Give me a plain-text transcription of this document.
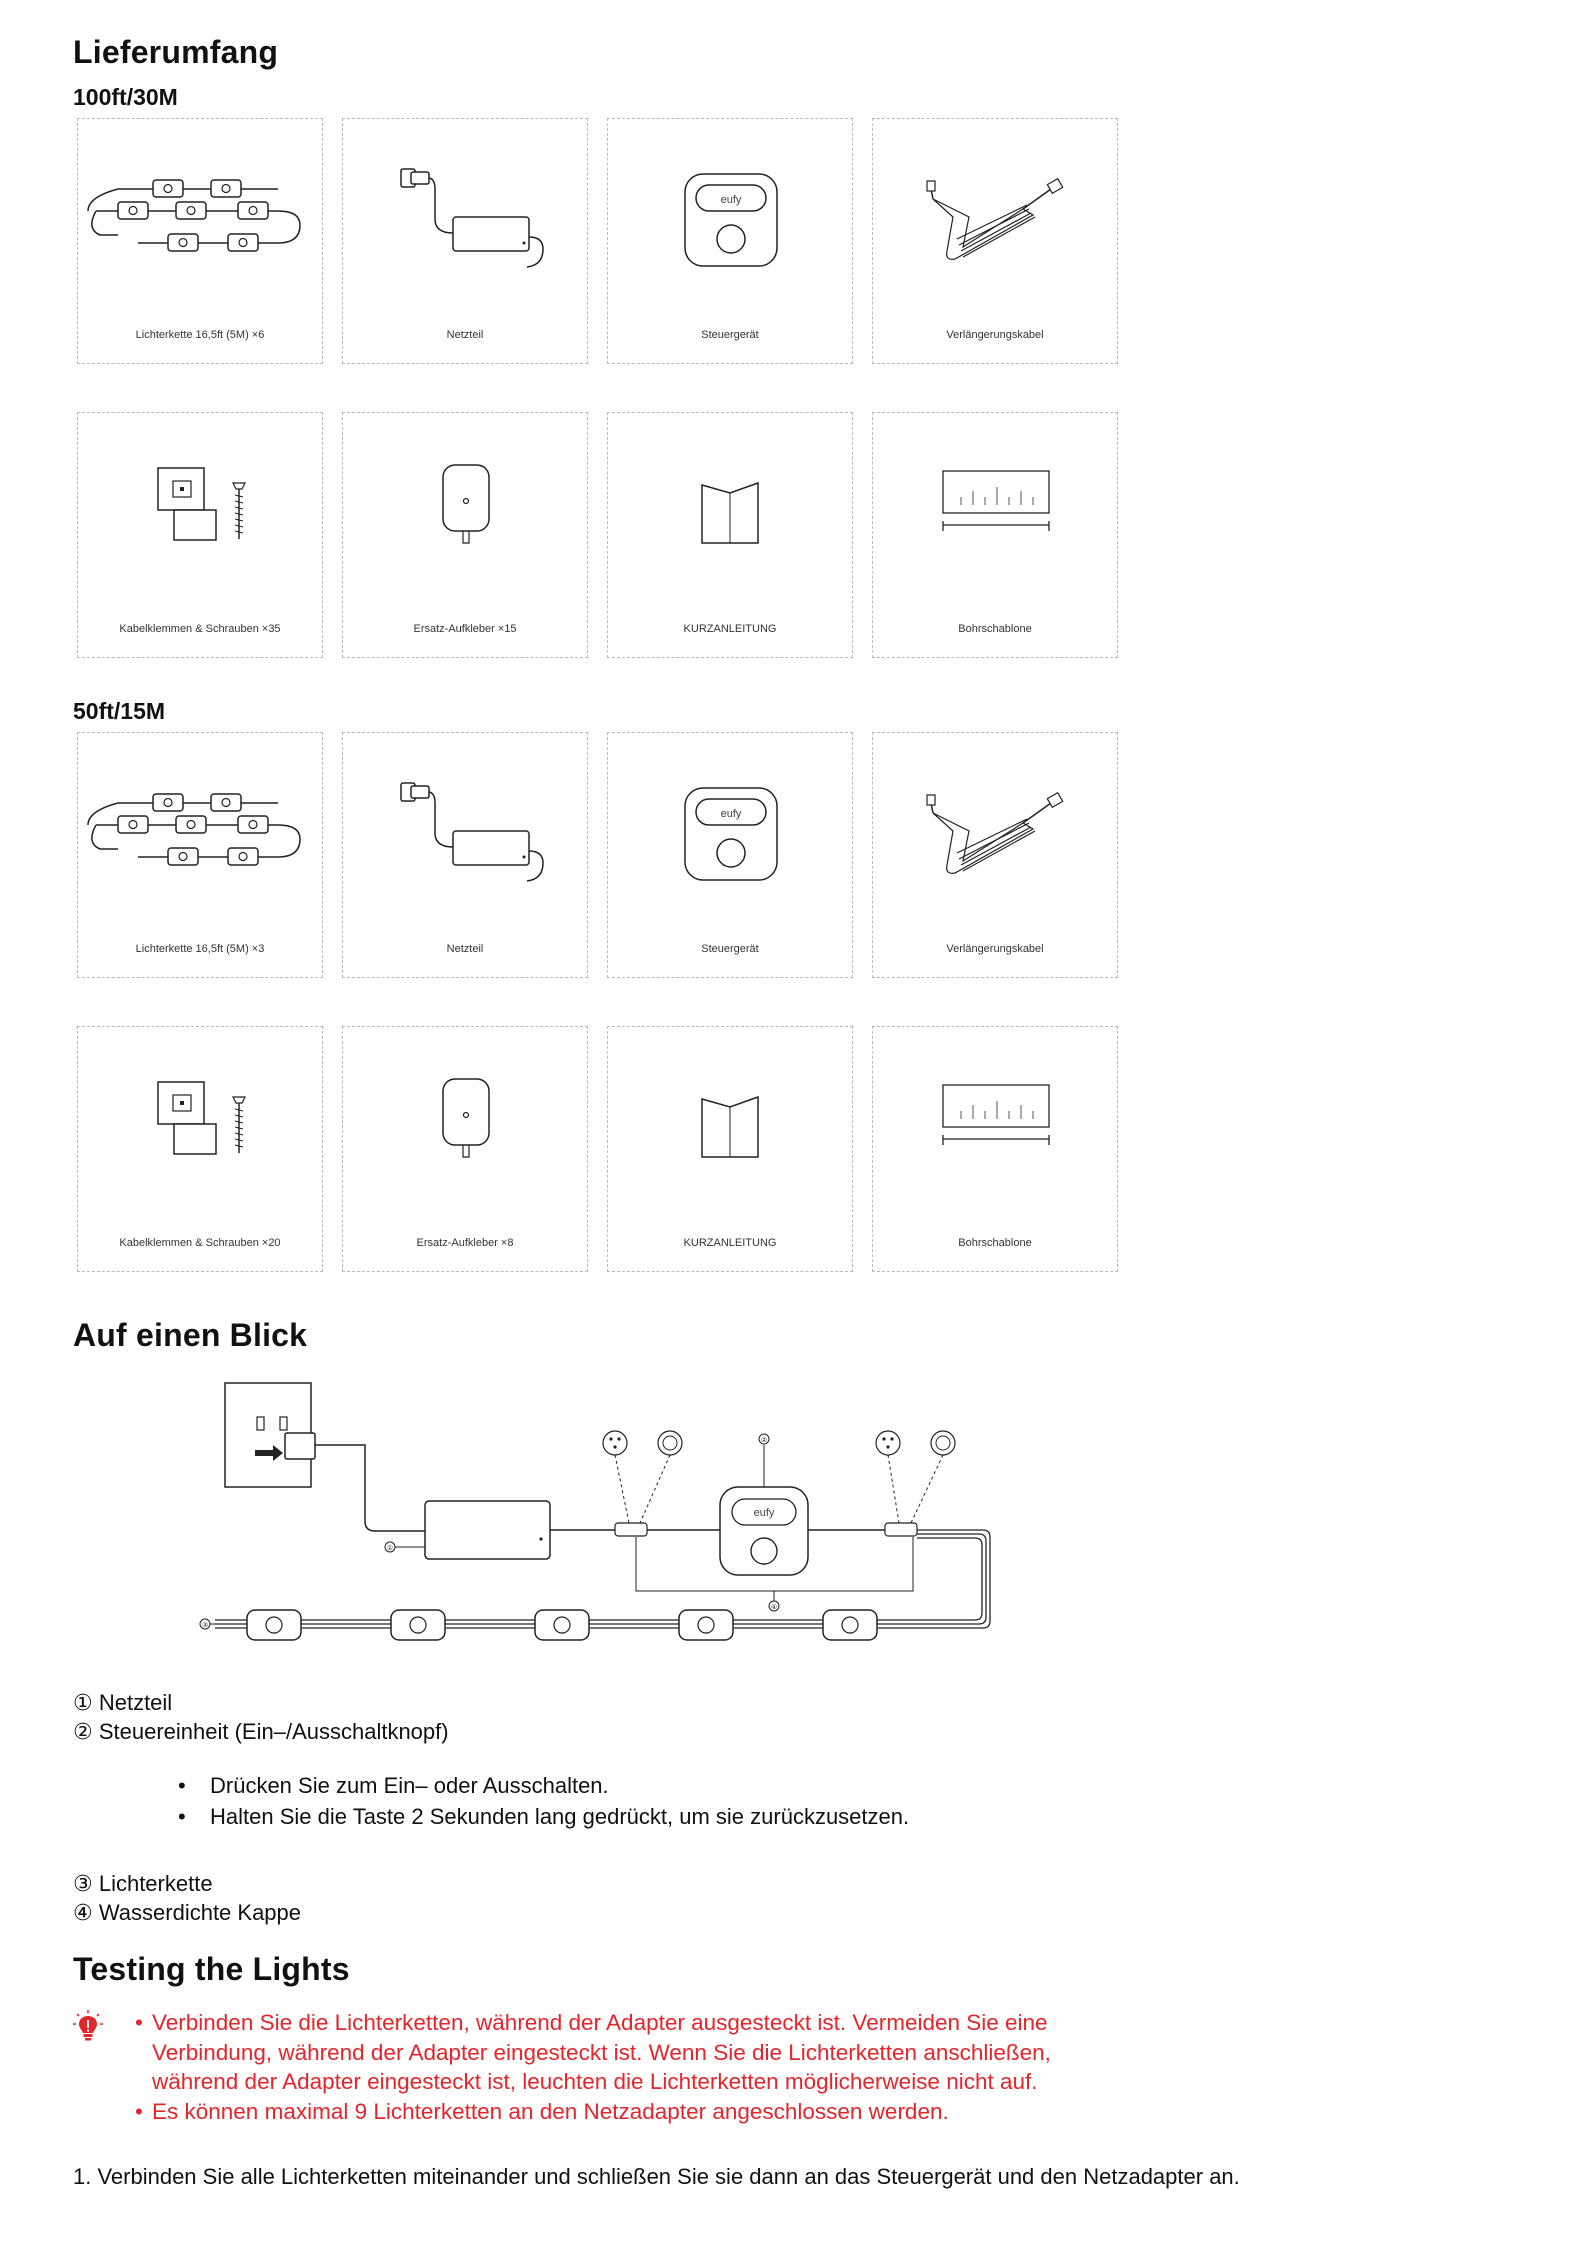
Lieferumfang
100ft/30M
Lichterkette 16,5ft (5M) ×6	Netzteil	Steuergerät	Verlängerungskabel
Kabelklemmen & Schrauben ×35	Ersatz-Aufkleber ×15	KURZANLEITUNG	Bohrschablone
50ft/15M
Lichterkette 16,5ft (5M) ×3	Netzteil	Steuergerät	Verlängerungskabel
Kabelklemmen & Schrauben ×20	Ersatz-Aufkleber ×8	KURZANLEITUNG	Bohrschablone
Auf einen Blick
①
eufy
②
④
③
① Netzteil
② Steuereinheit (Ein–/Ausschaltknopf)
• Drücken Sie zum Ein– oder Ausschalten.
• Halten Sie die Taste 2 Sekunden lang gedrückt, um sie zurückzusetzen.
③ Lichterkette
④ Wasserdichte Kappe
Testing the Lights
• Verbinden Sie die Lichterketten, während der Adapter ausgesteckt ist. Vermeiden Sie eine Verbindung, während der Adapter eingesteckt ist. Wenn Sie die Lichterketten anschließen, während der Adapter eingesteckt ist, leuchten die Lichterketten möglicherweise nicht auf.
• Es können maximal 9 Lichterketten an den Netzadapter angeschlossen werden.
1. Verbinden Sie alle Lichterketten miteinander und schließen Sie sie dann an das Steuergerät und den Netzadapter an.
